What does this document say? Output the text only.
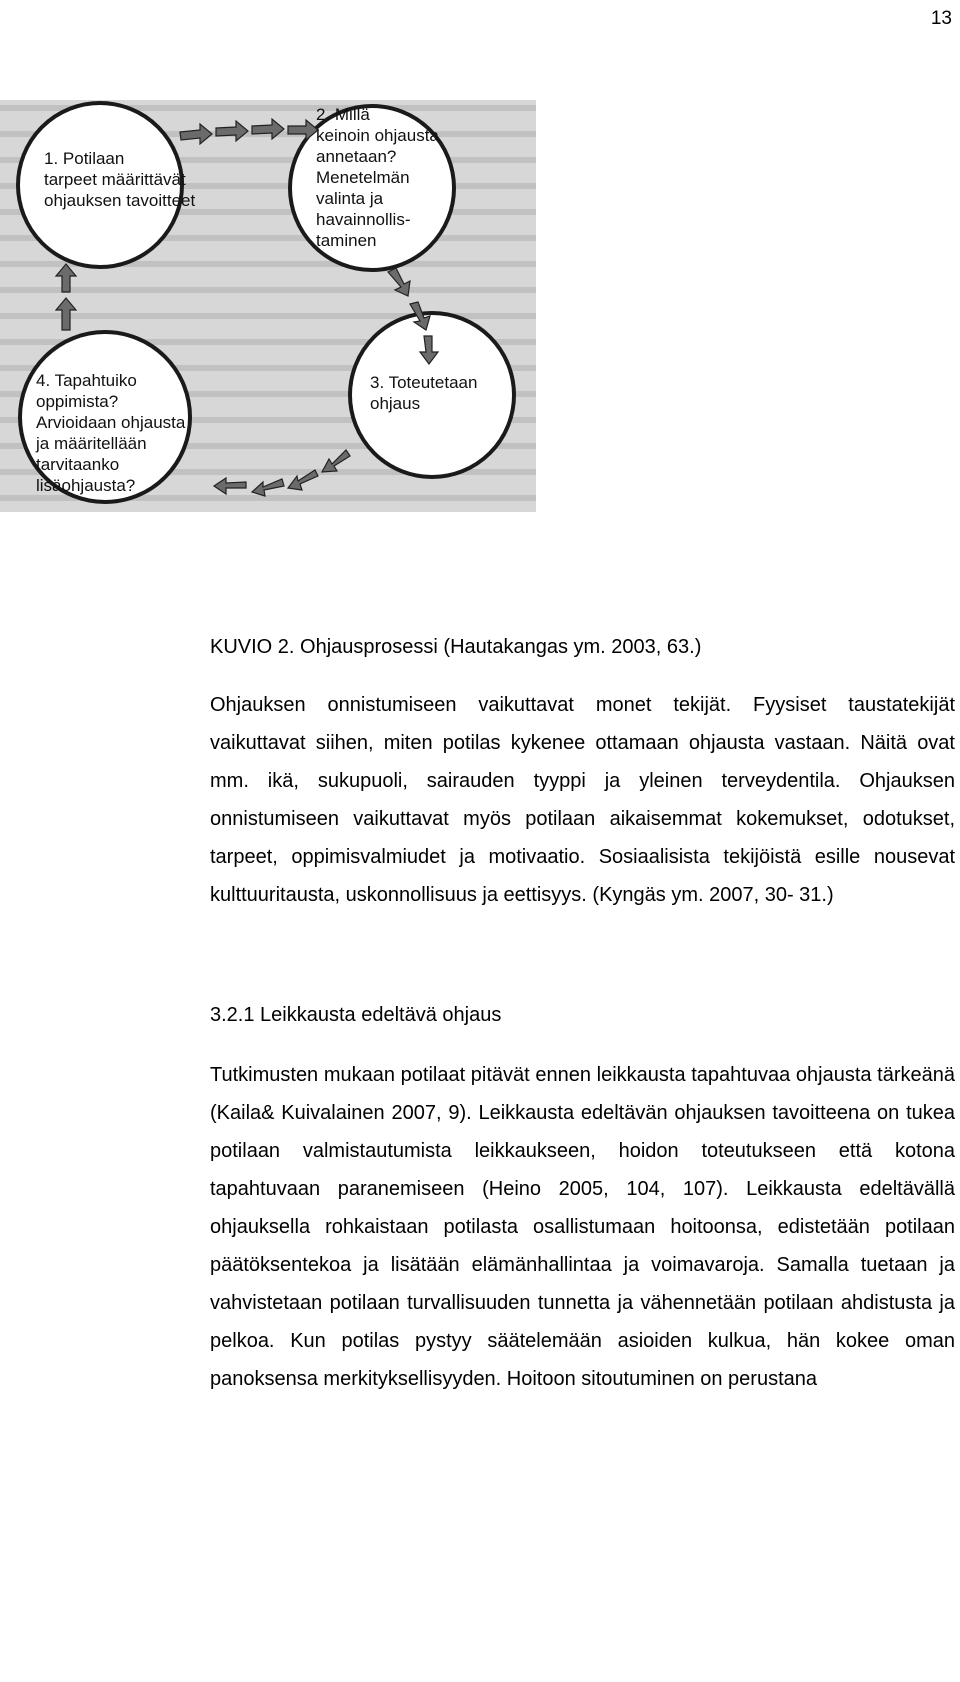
13
1. Potilaan
tarpeet määrittävät
ohjauksen tavoitteet
2. Millä
keinoin ohjausta
annetaan?
Menetelmän
valinta ja
havainnollis-
taminen
3. Toteutetaan
ohjaus
4. Tapahtuiko
oppimista?
Arvioidaan ohjausta
ja määritellään
tarvitaanko
lisäohjausta?
KUVIO 2. Ohjausprosessi (Hautakangas ym. 2003, 63.)

Ohjauksen onnistumiseen vaikuttavat monet tekijät. Fyysiset taustatekijät vaikuttavat siihen, miten potilas kykenee ottamaan ohjausta vastaan. Näitä ovat mm. ikä, sukupuoli, sairauden tyyppi ja yleinen terveydentila. Ohjauksen onnistumiseen vaikuttavat myös potilaan aikaisemmat kokemukset, odotukset, tarpeet, oppimisvalmiudet ja motivaatio. Sosiaalisista tekijöistä esille nousevat kulttuuritausta, uskonnollisuus ja eettisyys. (Kyngäs ym. 2007, 30- 31.)

3.2.1 Leikkausta edeltävä ohjaus

Tutkimusten mukaan potilaat pitävät ennen leikkausta tapahtuvaa ohjausta tärkeänä (Kaila& Kuivalainen 2007, 9). Leikkausta edeltävän ohjauksen tavoitteena on tukea potilaan valmistautumista leikkaukseen, hoidon toteutukseen että kotona tapahtuvaan paranemiseen (Heino 2005, 104, 107). Leikkausta edeltävällä ohjauksella rohkaistaan potilasta osallistumaan hoitoonsa, edistetään potilaan päätöksentekoa ja lisätään elämänhallintaa ja voimavaroja. Samalla tuetaan ja vahvistetaan potilaan turvallisuuden tunnetta ja vähennetään potilaan ahdistusta ja pelkoa. Kun potilas pystyy säätelemään asioiden kulkua, hän kokee oman panoksensa merkityksellisyyden. Hoitoon sitoutuminen on perustana
